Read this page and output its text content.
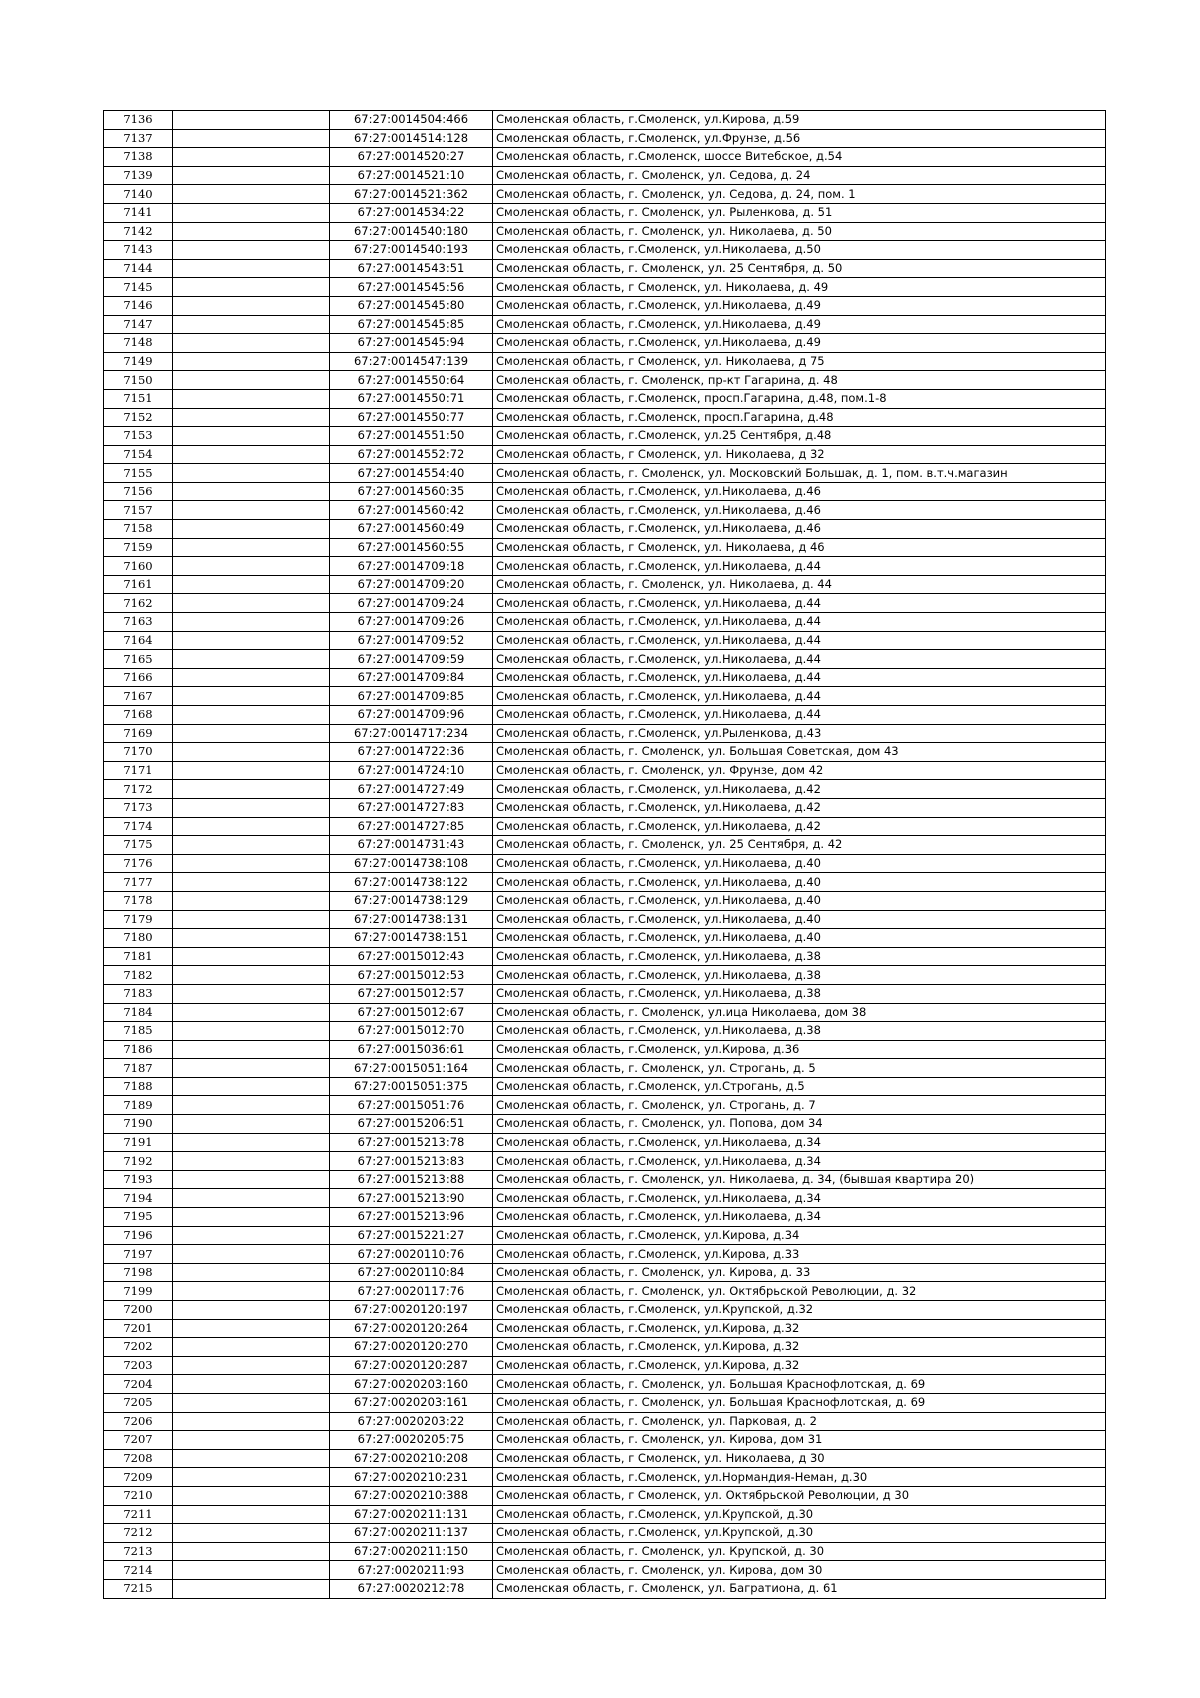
7136		67:27:0014504:466	Смоленская область, г.Смоленск, ул.Кирова, д.59
7137		67:27:0014514:128	Смоленская область, г.Смоленск, ул.Фрунзе, д.56
7138		67:27:0014520:27	Смоленская область, г.Смоленск, шоссе Витебское, д.54
7139		67:27:0014521:10	Смоленская область, г. Смоленск, ул. Седова, д. 24
7140		67:27:0014521:362	Смоленская область, г. Смоленск, ул. Седова, д. 24, пом. 1
7141		67:27:0014534:22	Смоленская область, г. Смоленск, ул. Рыленкова, д. 51
7142		67:27:0014540:180	Смоленская область, г. Смоленск, ул. Николаева, д. 50
7143		67:27:0014540:193	Смоленская область, г.Смоленск, ул.Николаева, д.50
7144		67:27:0014543:51	Смоленская область, г. Смоленск, ул. 25 Сентября, д. 50
7145		67:27:0014545:56	Смоленская область, г Смоленск, ул. Николаева, д. 49
7146		67:27:0014545:80	Смоленская область, г.Смоленск, ул.Николаева, д.49
7147		67:27:0014545:85	Смоленская область, г.Смоленск, ул.Николаева, д.49
7148		67:27:0014545:94	Смоленская область, г.Смоленск, ул.Николаева, д.49
7149		67:27:0014547:139	Смоленская область, г Смоленск, ул. Николаева, д 75
7150		67:27:0014550:64	Смоленская область, г. Смоленск, пр-кт Гагарина, д. 48
7151		67:27:0014550:71	Смоленская область, г.Смоленск, просп.Гагарина, д.48, пом.1-8
7152		67:27:0014550:77	Смоленская область, г.Смоленск, просп.Гагарина, д.48
7153		67:27:0014551:50	Смоленская область, г.Смоленск, ул.25 Сентября, д.48
7154		67:27:0014552:72	Смоленская область, г Смоленск, ул. Николаева, д 32
7155		67:27:0014554:40	Смоленская область, г. Смоленск, ул. Московский Большак, д. 1, пом. в.т.ч.магазин
7156		67:27:0014560:35	Смоленская область, г.Смоленск, ул.Николаева, д.46
7157		67:27:0014560:42	Смоленская область, г.Смоленск, ул.Николаева, д.46
7158		67:27:0014560:49	Смоленская область, г.Смоленск, ул.Николаева, д.46
7159		67:27:0014560:55	Смоленская область, г Смоленск, ул. Николаева, д 46
7160		67:27:0014709:18	Смоленская область, г.Смоленск, ул.Николаева, д.44
7161		67:27:0014709:20	Смоленская область, г. Смоленск, ул. Николаева, д. 44
7162		67:27:0014709:24	Смоленская область, г.Смоленск, ул.Николаева, д.44
7163		67:27:0014709:26	Смоленская область, г.Смоленск, ул.Николаева, д.44
7164		67:27:0014709:52	Смоленская область, г.Смоленск, ул.Николаева, д.44
7165		67:27:0014709:59	Смоленская область, г.Смоленск, ул.Николаева, д.44
7166		67:27:0014709:84	Смоленская область, г.Смоленск, ул.Николаева, д.44
7167		67:27:0014709:85	Смоленская область, г.Смоленск, ул.Николаева, д.44
7168		67:27:0014709:96	Смоленская область, г.Смоленск, ул.Николаева, д.44
7169		67:27:0014717:234	Смоленская область, г.Смоленск, ул.Рыленкова, д.43
7170		67:27:0014722:36	Смоленская область, г. Смоленск, ул. Большая Советская, дом 43
7171		67:27:0014724:10	Смоленская область, г. Смоленск, ул. Фрунзе, дом 42
7172		67:27:0014727:49	Смоленская область, г.Смоленск, ул.Николаева, д.42
7173		67:27:0014727:83	Смоленская область, г.Смоленск, ул.Николаева, д.42
7174		67:27:0014727:85	Смоленская область, г.Смоленск, ул.Николаева, д.42
7175		67:27:0014731:43	Смоленская область, г. Смоленск, ул. 25 Сентября, д. 42
7176		67:27:0014738:108	Смоленская область, г.Смоленск, ул.Николаева, д.40
7177		67:27:0014738:122	Смоленская область, г.Смоленск, ул.Николаева, д.40
7178		67:27:0014738:129	Смоленская область, г.Смоленск, ул.Николаева, д.40
7179		67:27:0014738:131	Смоленская область, г.Смоленск, ул.Николаева, д.40
7180		67:27:0014738:151	Смоленская область, г.Смоленск, ул.Николаева, д.40
7181		67:27:0015012:43	Смоленская область, г.Смоленск, ул.Николаева, д.38
7182		67:27:0015012:53	Смоленская область, г.Смоленск, ул.Николаева, д.38
7183		67:27:0015012:57	Смоленская область, г.Смоленск, ул.Николаева, д.38
7184		67:27:0015012:67	Смоленская область, г. Смоленск, ул.ица Николаева, дом 38
7185		67:27:0015012:70	Смоленская область, г.Смоленск, ул.Николаева, д.38
7186		67:27:0015036:61	Смоленская область, г.Смоленск, ул.Кирова, д.36
7187		67:27:0015051:164	Смоленская область, г. Смоленск, ул. Строгань, д. 5
7188		67:27:0015051:375	Смоленская область, г.Смоленск, ул.Строгань, д.5
7189		67:27:0015051:76	Смоленская область, г. Смоленск, ул. Строгань, д. 7
7190		67:27:0015206:51	Смоленская область, г. Смоленск, ул. Попова, дом 34
7191		67:27:0015213:78	Смоленская область, г.Смоленск, ул.Николаева, д.34
7192		67:27:0015213:83	Смоленская область, г.Смоленск, ул.Николаева, д.34
7193		67:27:0015213:88	Смоленская область, г. Смоленск, ул. Николаева, д. 34, (бывшая квартира 20)
7194		67:27:0015213:90	Смоленская область, г.Смоленск, ул.Николаева, д.34
7195		67:27:0015213:96	Смоленская область, г.Смоленск, ул.Николаева, д.34
7196		67:27:0015221:27	Смоленская область, г.Смоленск, ул.Кирова, д.34
7197		67:27:0020110:76	Смоленская область, г.Смоленск, ул.Кирова, д.33
7198		67:27:0020110:84	Смоленская область, г. Смоленск, ул. Кирова, д. 33
7199		67:27:0020117:76	Смоленская область, г. Смоленск, ул. Октябрьской Революции, д. 32
7200		67:27:0020120:197	Смоленская область, г.Смоленск, ул.Крупской, д.32
7201		67:27:0020120:264	Смоленская область, г.Смоленск, ул.Кирова, д.32
7202		67:27:0020120:270	Смоленская область, г.Смоленск, ул.Кирова, д.32
7203		67:27:0020120:287	Смоленская область, г.Смоленск, ул.Кирова, д.32
7204		67:27:0020203:160	Смоленская область, г. Смоленск, ул. Большая Краснофлотская, д. 69
7205		67:27:0020203:161	Смоленская область, г. Смоленск, ул. Большая Краснофлотская, д. 69
7206		67:27:0020203:22	Смоленская область, г. Смоленск, ул. Парковая, д. 2
7207		67:27:0020205:75	Смоленская область, г. Смоленск, ул. Кирова, дом 31
7208		67:27:0020210:208	Смоленская область, г Смоленск, ул. Николаева, д 30
7209		67:27:0020210:231	Смоленская область, г.Смоленск, ул.Нормандия-Неман, д.30
7210		67:27:0020210:388	Смоленская область, г Смоленск, ул. Октябрьской Революции, д 30
7211		67:27:0020211:131	Смоленская область, г.Смоленск, ул.Крупской, д.30
7212		67:27:0020211:137	Смоленская область, г.Смоленск, ул.Крупской, д.30
7213		67:27:0020211:150	Смоленская область, г. Смоленск, ул. Крупской, д. 30
7214		67:27:0020211:93	Смоленская область, г. Смоленск, ул. Кирова, дом 30
7215		67:27:0020212:78	Смоленская область, г. Смоленск, ул. Багратиона, д. 61
